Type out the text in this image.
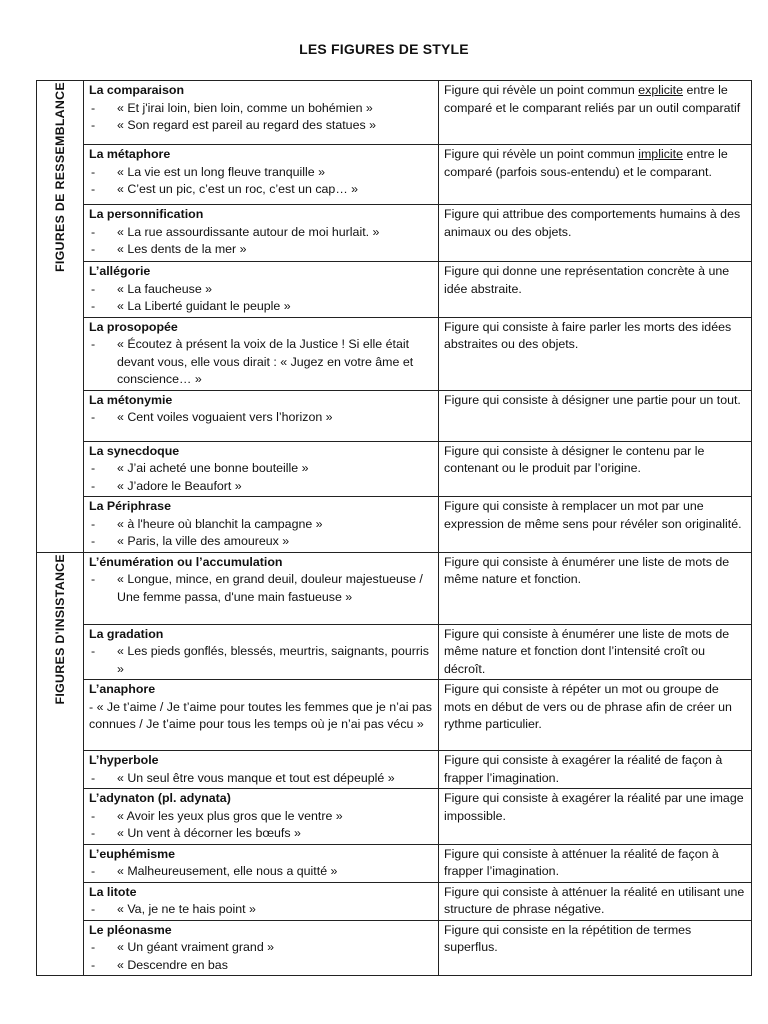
LES FIGURES DE STYLE
FIGURES DE RESSEMBLANCE	La comparaison
- « Et j'irai loin, bien loin, comme un bohémien »
- « Son regard est pareil au regard des statues »	Figure qui révèle un point commun explicite entre le comparé et le comparant reliés par un outil comparatif

	La métaphore
- « La vie est un long fleuve tranquille »
- « C’est un pic, c’est un roc, c’est un cap… »	Figure qui révèle un point commun implicite entre le comparé (parfois sous-entendu) et le comparant.

	La personnification
- « La rue assourdissante autour de moi hurlait. »
- « Les dents de la mer »	Figure qui attribue des comportements humains à des animaux ou des objets.

	L’allégorie
- « La faucheuse »
- « La Liberté guidant le peuple »	Figure qui donne une représentation concrète à une idée abstraite.

	La prosopopée
- « Écoutez à présent la voix de la Justice ! Si elle était devant vous, elle vous dirait : « Jugez en votre âme et conscience… »	Figure qui consiste à faire parler les morts des idées abstraites ou des objets.

	La métonymie
- « Cent voiles voguaient vers l’horizon »	Figure qui consiste à désigner une partie pour un tout.

	La synecdoque
- « J’ai acheté une bonne bouteille »
- « J’adore le Beaufort »	Figure qui consiste à désigner le contenu par le contenant ou le produit par l’origine.

	La Périphrase
- « à l'heure où blanchit la campagne »
- « Paris, la ville des amoureux »	Figure qui consiste à remplacer un mot par une expression de même sens pour révéler son originalité.
FIGURES D'INSISTANCE	L’énumération ou l’accumulation
- « Longue, mince, en grand deuil, douleur majestueuse / Une femme passa, d'une main fastueuse »	Figure qui consiste à énumérer une liste de mots de même nature et fonction.

	La gradation
- « Les pieds gonflés, blessés, meurtris, saignants, pourris »	Figure qui consiste à énumérer une liste de mots de même nature et fonction dont l’intensité croît ou décroît.

	L’anaphore
- « Je t’aime / Je t’aime pour toutes les femmes que je n’ai pas connues / Je t’aime pour tous les temps où je n’ai pas vécu »	Figure qui consiste à répéter un mot ou groupe de mots en début de vers ou de phrase afin de créer un rythme particulier.

	L’hyperbole
- « Un seul être vous manque et tout est dépeuplé »	Figure qui consiste à exagérer la réalité de façon à frapper l’imagination.

	L’adynaton (pl. adynata)
- « Avoir les yeux plus gros que le ventre »
- « Un vent à décorner les bœufs »	Figure qui consiste à exagérer la réalité par une image impossible.

	L’euphémisme
- « Malheureusement, elle nous a quitté »	Figure qui consiste à atténuer la réalité de façon à frapper l’imagination.

	La litote
- « Va, je ne te hais point »	Figure qui consiste à atténuer la réalité en utilisant une structure de phrase négative.

	Le pléonasme
- « Un géant vraiment grand »
- « Descendre en bas	Figure qui consiste en la répétition de termes superflus.
